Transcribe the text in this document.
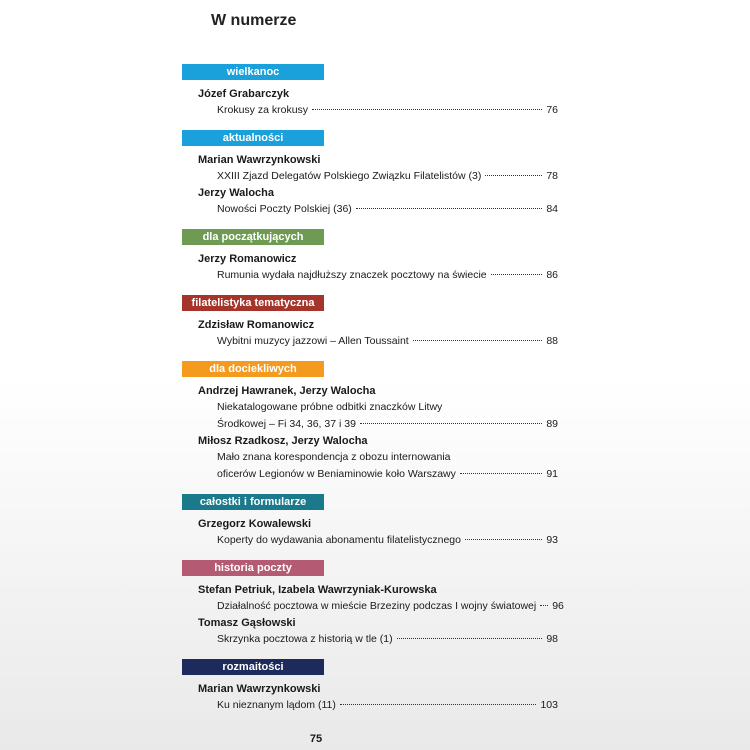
W numerze
wielkanoc
Józef Grabarczyk
Krokusy za krokusy	76
aktualności
Marian Wawrzynkowski
XXIII Zjazd Delegatów Polskiego Związku Filatelistów (3)	78
Jerzy Walocha
Nowości Poczty Polskiej (36)	84
dla początkujących
Jerzy Romanowicz
Rumunia wydała najdłuższy znaczek pocztowy na świecie	86
filatelistyka tematyczna
Zdzisław Romanowicz
Wybitni muzycy jazzowi – Allen Toussaint	88
dla dociekliwych
Andrzej Hawranek, Jerzy Walocha
Niekatalogowane próbne odbitki znaczków Litwy
Środkowej – Fi 34, 36, 37 i 39	89
Miłosz Rzadkosz, Jerzy Walocha
Mało znana korespondencja z obozu internowania
oficerów Legionów w Beniaminowie koło Warszawy	91
całostki i formularze
Grzegorz Kowalewski
Koperty do wydawania abonamentu filatelistycznego	93
historia poczty
Stefan Petriuk, Izabela Wawrzyniak-Kurowska
Działalność pocztowa w mieście Brzeziny podczas I wojny światowej 96
Tomasz Gąsłowski
Skrzynka pocztowa z historią w tle (1)	98
rozmaitości
Marian Wawrzynkowski
Ku nieznanym lądom (11)	103
75
